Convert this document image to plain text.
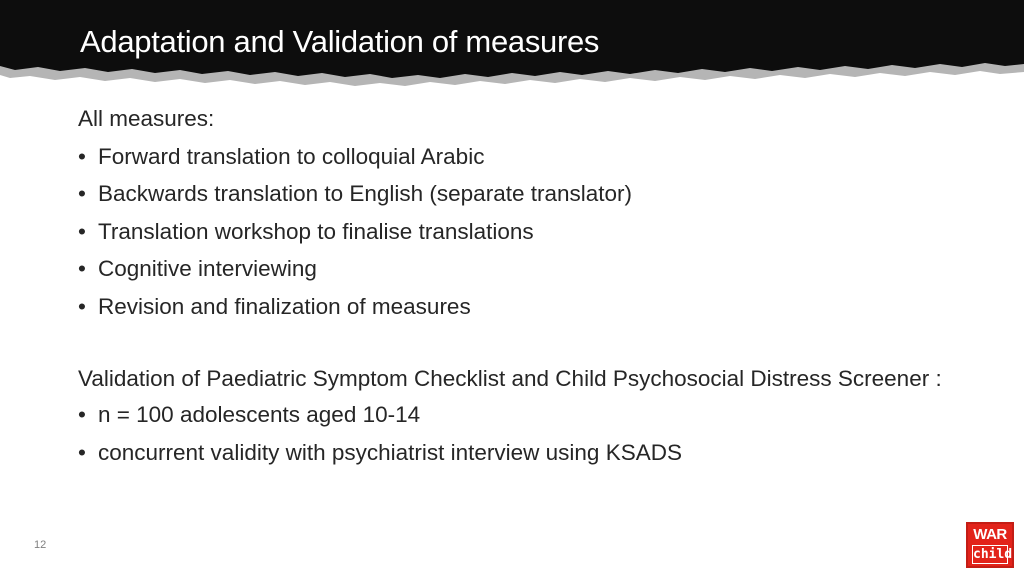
Adaptation and Validation of measures

All measures:

• Forward translation to colloquial Arabic
• Backwards translation to English (separate translator)
• Translation workshop to finalise translations
• Cognitive interviewing
• Revision and finalization of measures

Validation of Paediatric Symptom Checklist and Child Psychosocial Distress Screener :

• n = 100 adolescents aged 10-14
• concurrent validity with psychiatrist interview using KSADS
12
WAR
child
